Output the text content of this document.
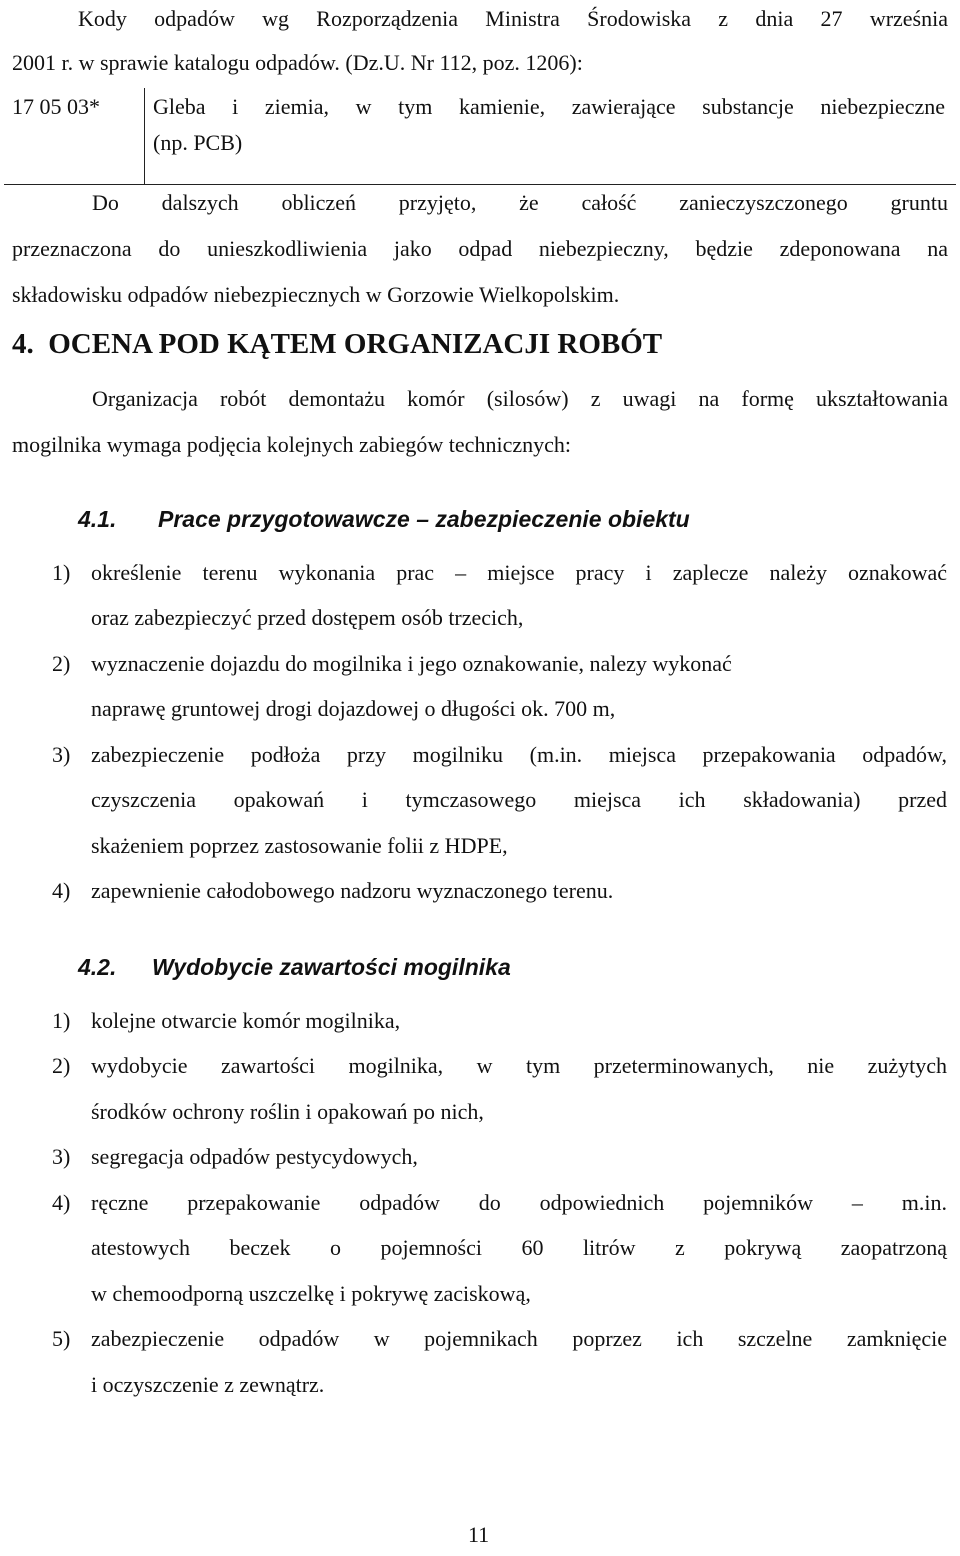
Kody odpadów wg Rozporządzenia Ministra Środowiska z dnia 27 września
2001 r. w sprawie katalogu odpadów. (Dz.U. Nr 112, poz. 1206):
17 05 03*	Gleba i ziemia, w tym kamienie, zawierające substancje niebezpieczne
(np. PCB)
Do dalszych obliczeń przyjęto, że całość zanieczyszczonego gruntu
przeznaczona do unieszkodliwienia jako odpad niebezpieczny, będzie zdeponowana na
składowisku odpadów niebezpiecznych w Gorzowie Wielkopolskim.
4. OCENA POD KĄTEM ORGANIZACJI ROBÓT
Organizacja robót demontażu komór (silosów) z uwagi na formę ukształtowania
mogilnika wymaga podjęcia kolejnych zabiegów technicznych:
4.1. Prace przygotowawcze – zabezpieczenie obiektu
1) określenie terenu wykonania prac – miejsce pracy i zaplecze należy oznakować
oraz zabezpieczyć przed dostępem osób trzecich,
2) wyznaczenie dojazdu do mogilnika i jego oznakowanie, nalezy wykonać
naprawę gruntowej drogi dojazdowej o długości ok. 700 m,
3) zabezpieczenie podłoża przy mogilniku (m.in. miejsca przepakowania odpadów,
czyszczenia opakowań i tymczasowego miejsca ich składowania) przed
skażeniem poprzez zastosowanie folii z HDPE,
4) zapewnienie całodobowego nadzoru wyznaczonego terenu.
4.2. Wydobycie zawartości mogilnika
1) kolejne otwarcie komór mogilnika,
2) wydobycie zawartości mogilnika, w tym przeterminowanych, nie zużytych
środków ochrony roślin i opakowań po nich,
3) segregacja odpadów pestycydowych,
4) ręczne przepakowanie odpadów do odpowiednich pojemników – m.in.
atestowych beczek o pojemności 60 litrów z pokrywą zaopatrzoną
w chemoodporną uszczelkę i pokrywę zaciskową,
5) zabezpieczenie odpadów w pojemnikach poprzez ich szczelne zamknięcie
i oczyszczenie z zewnątrz.
11
